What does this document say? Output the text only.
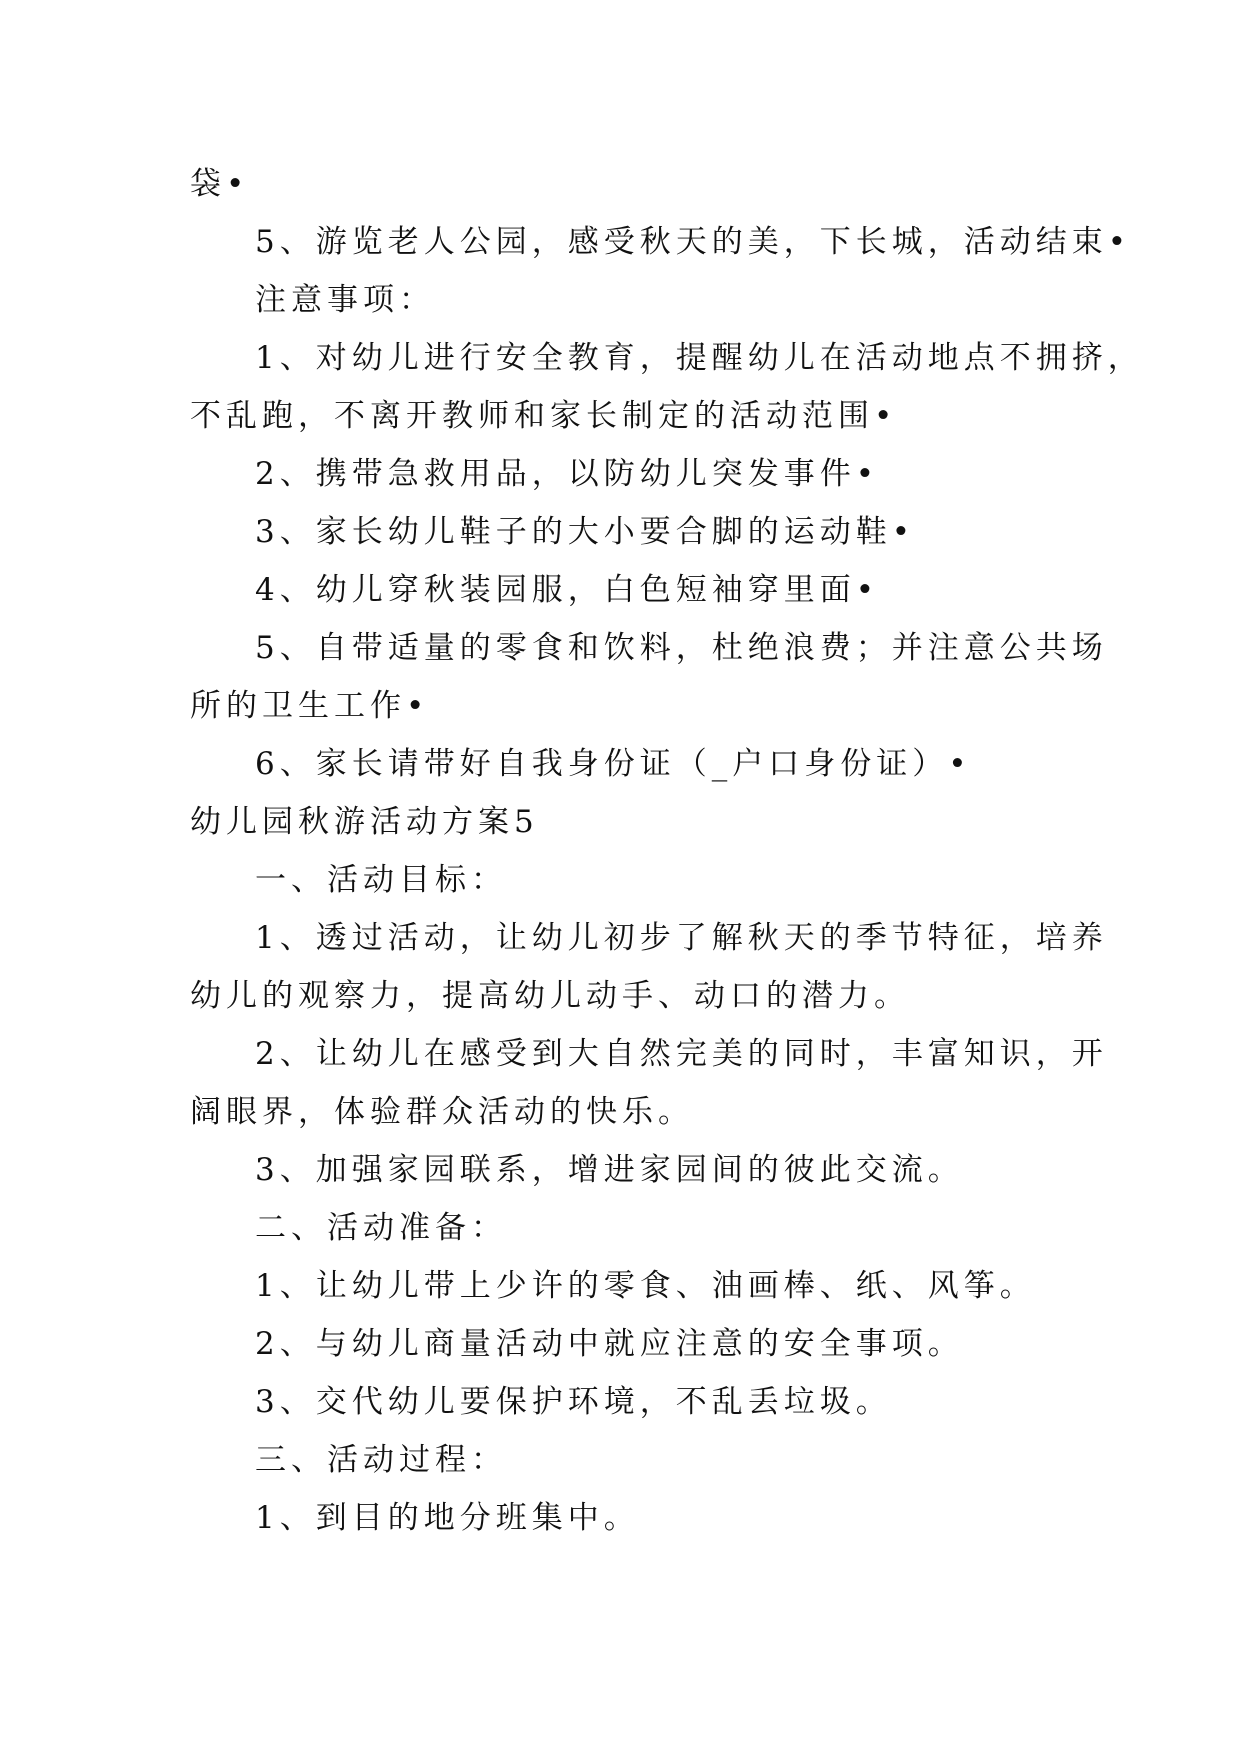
袋•
5、游览老人公园，感受秋天的美，下长城，活动结束•
注意事项：
1、对幼儿进行安全教育，提醒幼儿在活动地点不拥挤，
不乱跑，不离开教师和家长制定的活动范围•
2、携带急救用品，以防幼儿突发事件•
3、家长幼儿鞋子的大小要合脚的运动鞋•
4、幼儿穿秋装园服，白色短袖穿里面•
5、自带适量的零食和饮料，杜绝浪费；并注意公共场
所的卫生工作•
6、家长请带好自我身份证（_户口身份证）•
幼儿园秋游活动方案5
一、活动目标：
1、透过活动，让幼儿初步了解秋天的季节特征，培养
幼儿的观察力，提高幼儿动手、动口的潜力。
2、让幼儿在感受到大自然完美的同时，丰富知识，开
阔眼界，体验群众活动的快乐。
3、加强家园联系，增进家园间的彼此交流。
二、活动准备：
1、让幼儿带上少许的零食、油画棒、纸、风筝。
2、与幼儿商量活动中就应注意的安全事项。
3、交代幼儿要保护环境，不乱丢垃圾。
三、活动过程：
1、到目的地分班集中。
